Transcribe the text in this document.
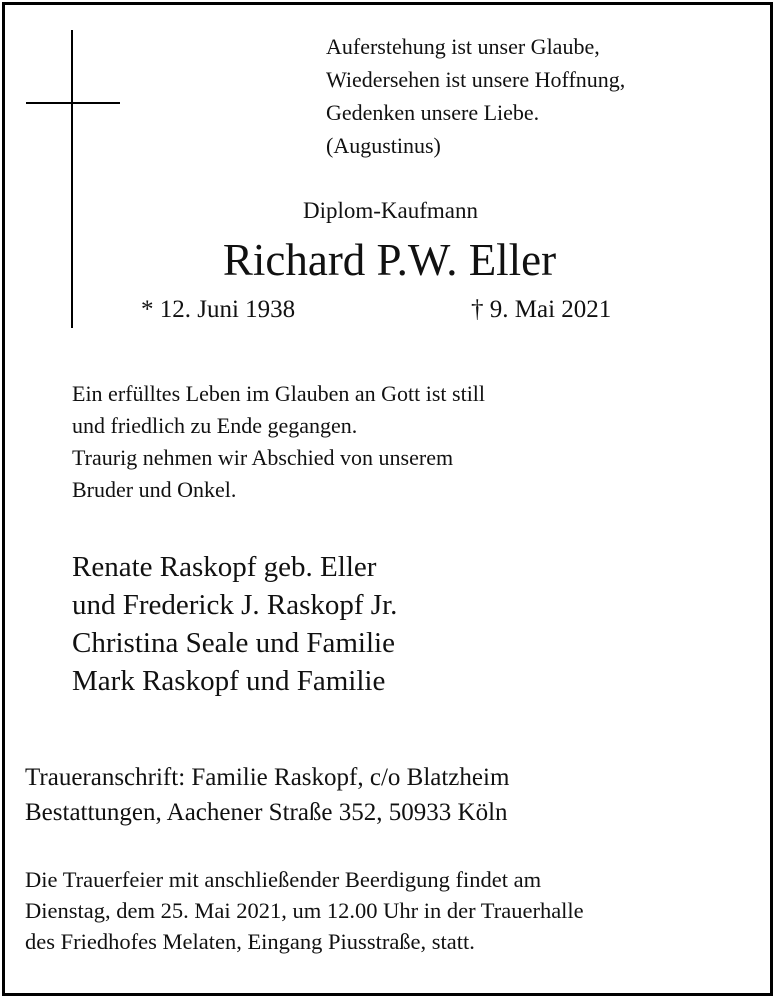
Auferstehung ist unser Glaube,
Wiedersehen ist unsere Hoffnung,
Gedenken unsere Liebe.
(Augustinus)
Diplom-Kaufmann
Richard P.W. Eller
* 12. Juni 1938	† 9. Mai 2021
Ein erfülltes Leben im Glauben an Gott ist still
und friedlich zu Ende gegangen.
Traurig nehmen wir Abschied von unserem
Bruder und Onkel.
Renate Raskopf geb. Eller
und Frederick J. Raskopf Jr.
Christina Seale und Familie
Mark Raskopf und Familie
Traueranschrift: Familie Raskopf, c/o Blatzheim
Bestattungen, Aachener Straße 352, 50933 Köln
Die Trauerfeier mit anschließender Beerdigung findet am
Dienstag, dem 25. Mai 2021, um 12.00 Uhr in der Trauerhalle
des Friedhofes Melaten, Eingang Piusstraße, statt.
